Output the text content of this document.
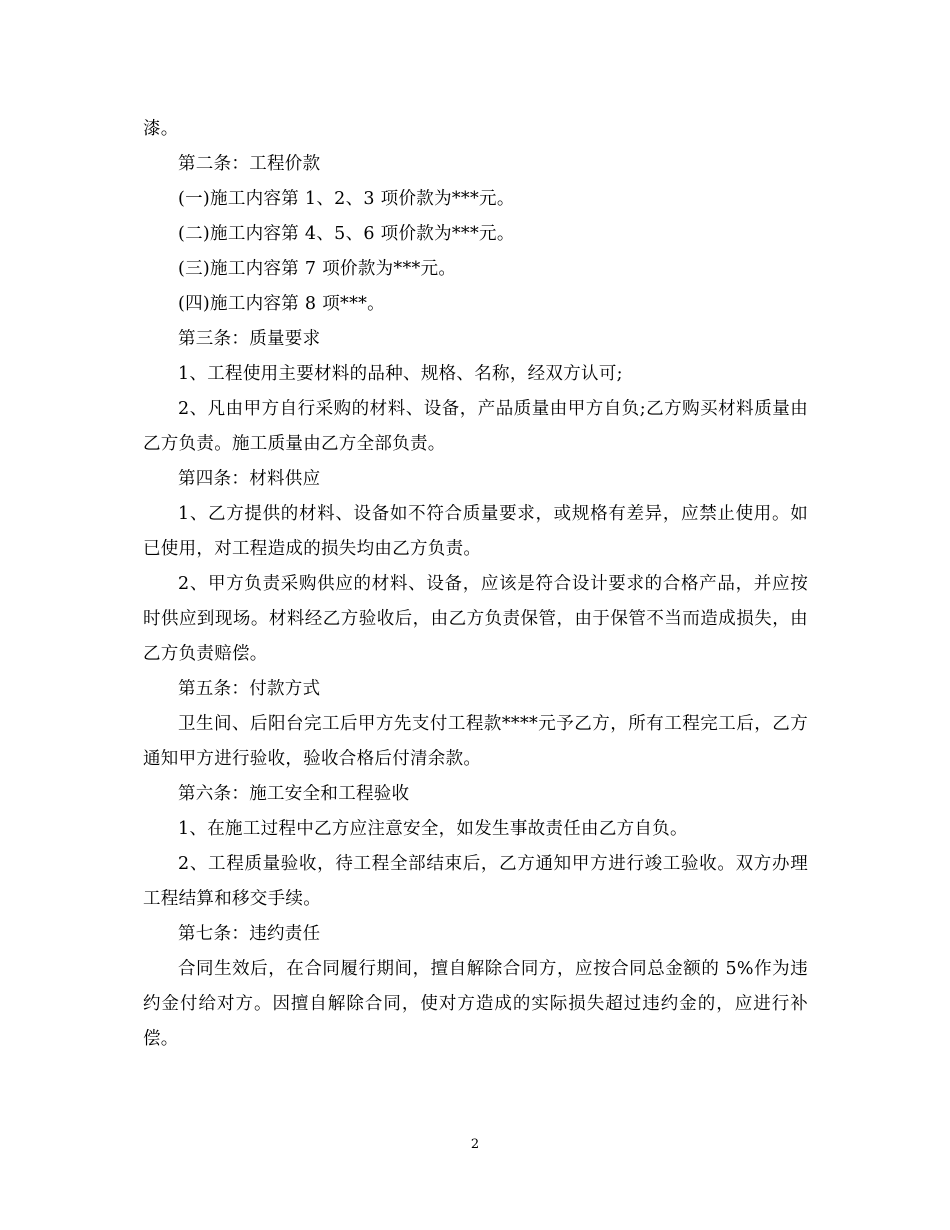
漆。

第二条：工程价款

(一)施工内容第 1、2、3 项价款为***元。

(二)施工内容第 4、5、6 项价款为***元。

(三)施工内容第 7 项价款为***元。

(四)施工内容第 8 项***。

第三条：质量要求

1、工程使用主要材料的品种、规格、名称，经双方认可;

2、凡由甲方自行采购的材料、设备，产品质量由甲方自负;乙方购买材料质量由乙方负责。施工质量由乙方全部负责。

第四条：材料供应

1、乙方提供的材料、设备如不符合质量要求，或规格有差异，应禁止使用。如已使用，对工程造成的损失均由乙方负责。

2、甲方负责采购供应的材料、设备，应该是符合设计要求的合格产品，并应按时供应到现场。材料经乙方验收后，由乙方负责保管，由于保管不当而造成损失，由乙方负责赔偿。

第五条：付款方式

卫生间、后阳台完工后甲方先支付工程款****元予乙方，所有工程完工后，乙方通知甲方进行验收，验收合格后付清余款。

第六条：施工安全和工程验收

1、在施工过程中乙方应注意安全，如发生事故责任由乙方自负。

2、工程质量验收，待工程全部结束后，乙方通知甲方进行竣工验收。双方办理工程结算和移交手续。

第七条：违约责任

合同生效后，在合同履行期间，擅自解除合同方，应按合同总金额的 5%作为违约金付给对方。因擅自解除合同，使对方造成的实际损失超过违约金的，应进行补偿。

2
